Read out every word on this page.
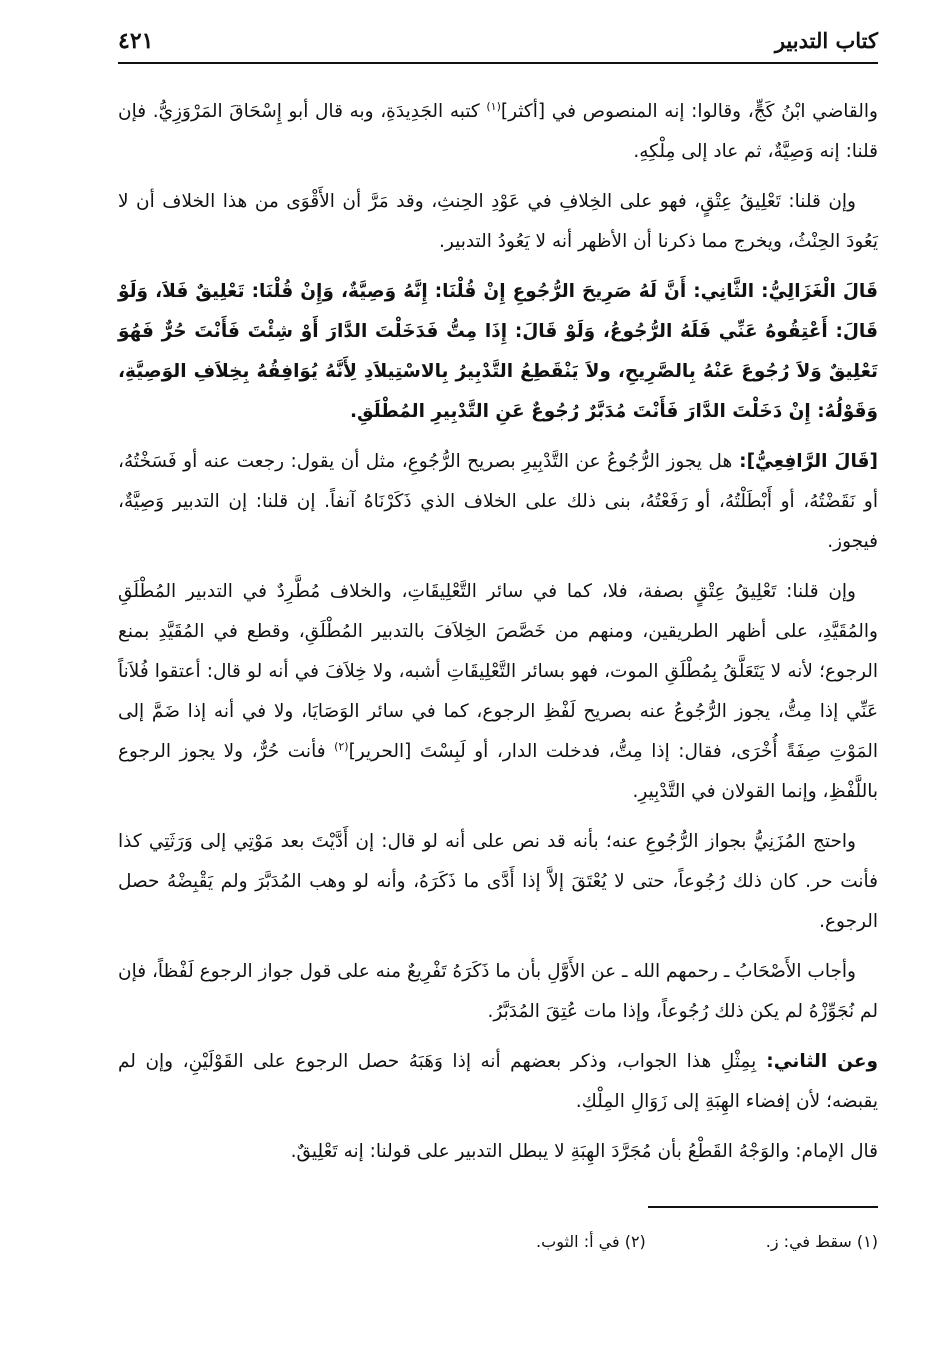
كتاب التدبير
٤٢١

والقاضي ابْنُ كَجٍّ، وقالوا: إنه المنصوص في [أكثر]$^{(١)}$ كتبه الجَدِيدَةِ، وبه قال أبو إِسْحَاقَ المَرْوَزِيُّ. فإن قلنا: إنه وَصِيَّةٌ، ثم عاد إلى مِلْكِهِ.

وإن قلنا: تَعْلِيقُ عِتْقٍ، فهو على الخِلافِ في عَوْدِ الحِنثِ، وقد مَرَّ أن الأَقْوَى من هذا الخلاف أن لا يَعُودَ الحِنْثُ، ويخرج مما ذكرنا أن الأظهر أنه لا يَعُودُ التدبير.

قَالَ الْغَزَالِيُّ: الثَّانِي: أَنَّ لَهُ صَرِيحَ الرُّجُوعِ إِنْ قُلْنَا: إِنَّهُ وَصِيَّةٌ، وَإِنْ قُلْنَا: تَعْلِيقٌ فَلاَ، وَلَوْ قَالَ: أَعْتِقُوهُ عَنِّي فَلَهُ الرُّجُوعُ، وَلَوْ قَالَ: إِذَا مِتُّ فَدَخَلْتَ الدَّارَ أَوْ شِئْتَ فَأَنْتَ حُرٌّ فَهُوَ تَعْلِيقٌ وَلاَ رُجُوعَ عَنْهُ بِالصَّرِيحِ، ولاَ يَنْقَطِعُ التَّدْبِيرُ بِالاسْتِيلاَدِ لِأَنَّهُ يُوَافِقُهُ بِخِلاَفِ الوَصِيَّةِ، وَقَوْلُهُ: إِنْ دَخَلْتَ الدَّارَ فَأَنْتَ مُدَبَّرٌ رُجُوعٌ عَنِ التَّدْبِيرِ المُطْلَقِ.

[قَالَ الرَّافِعِيُّ]: هل يجوز الرُّجُوعُ عن التَّدْبِيرِ بصريح الرُّجُوعِ، مثل أن يقول: رجعت عنه أو فَسَخْتُهُ، أو نَقَضْتُهُ، أو أَبْطَلْتُهُ، أو رَفَعْتُهُ، بنى ذلك على الخلاف الذي ذَكَرْنَاهُ آنفاً. إن قلنا: إن التدبير وَصِيَّةٌ، فيجوز.

وإن قلنا: تَعْلِيقُ عِتْقٍ بصفة، فلا، كما في سائر التَّعْلِيقَاتِ، والخلاف مُطَّرِدٌ في التدبير المُطْلَقِ والمُقَيَّدِ، على أظهر الطريقين، ومنهم من خَصَّصَ الخِلاَفَ بالتدبير المُطْلَقِ، وقطع في المُقَيَّدِ بمنع الرجوع؛ لأنه لا يَتَعَلَّقُ بِمُطْلَقِ الموت، فهو بسائر التَّعْلِيقَاتِ أشبه، ولا خِلاَفَ في أنه لو قال: أعتقوا فُلاَناً عَنِّي إذا مِتُّ، يجوز الرُّجُوعُ عنه بصريح لَفْظِ الرجوع، كما في سائر الوَصَايَا، ولا في أنه إذا ضَمَّ إلى المَوْتِ صِفَةً أُخْرَى، فقال: إذا مِتُّ، فدخلت الدار، أو لَبِسْتَ [الحرير]$^{(٢)}$ فأنت حُرٌّ، ولا يجوز الرجوع باللَّفْظِ، وإنما القولان في التَّدْبِيرِ.

واحتج المُزَنِيُّ بجواز الرُّجُوعِ عنه؛ بأنه قد نص على أنه لو قال: إن أَدَّيْتَ بعد مَوْتِي إلى وَرَثَتِي كذا فأنت حر. كان ذلك رُجُوعاً، حتى لا يُعْتَقَ إلاَّ إذا أَدَّى ما ذَكَرَهُ، وأنه لو وهب المُدَبَّرَ ولم يَقْبِضْهُ حصل الرجوع.

وأجاب الأَصْحَابُ ـ رحمهم الله ـ عن الأَوَّلِ بأن ما ذَكَرَهُ تَفْرِيعٌ منه على قول جواز الرجوع لَفْظاً، فإن لم نُجَوِّزْهُ لم يكن ذلك رُجُوعاً، وإذا مات عُتِقَ المُدَبَّرُ.

وعن الثاني: بِمِثْلِ هذا الجواب، وذكر بعضهم أنه إذا وَهَبَهُ حصل الرجوع على القَوْلَيْنِ، وإن لم يقبضه؛ لأن إفضاء الهِبَةِ إلى زَوَالِ المِلْكِ.

قال الإمام: والوَجْهُ القَطْعُ بأن مُجَرَّدَ الهِبَةِ لا يبطل التدبير على قولنا: إنه تَعْلِيقٌ.

(١) سقط في: ز.
(٢) في أ: الثوب.
